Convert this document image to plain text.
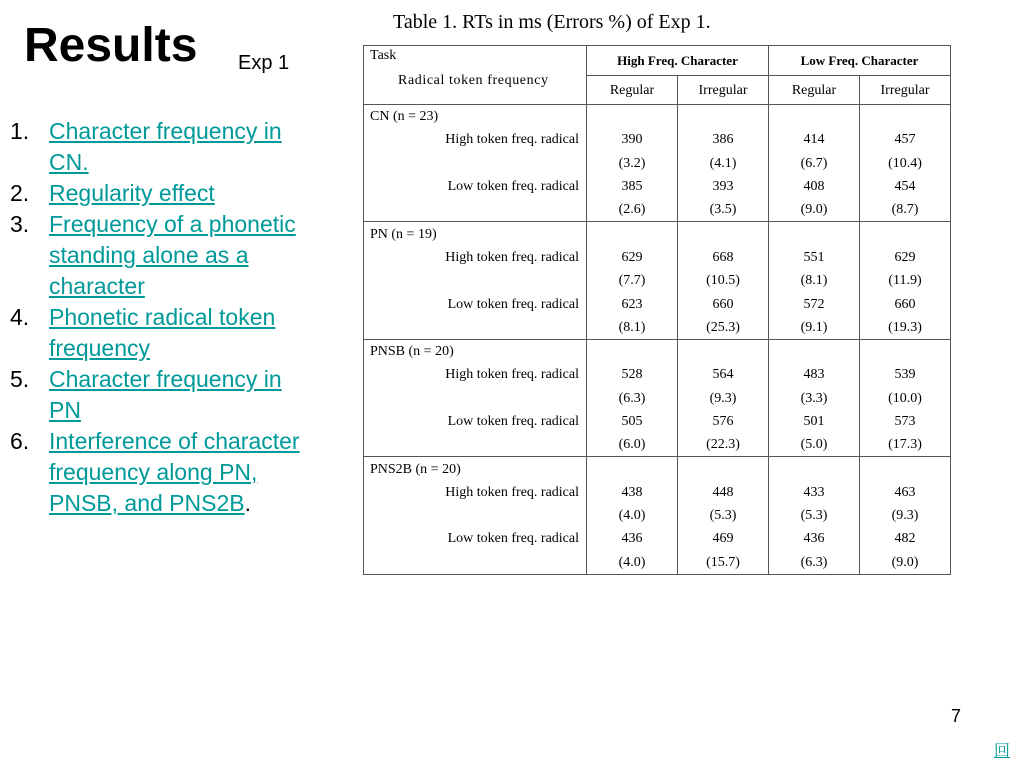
Results Exp 1
1. Character frequency in CN.
2. Regularity effect
3. Frequency of a phonetic standing alone as a character
4. Phonetic radical token frequency
5. Character frequency in PN
6. Interference of character frequency along PN, PNSB, and PNS2B.
Table 1. RTs in ms (Errors %) of Exp 1.
Task
Radical token frequency	High Freq. Character		Low Freq. Character	
	Regular	Irregular	Regular	Irregular
CN (n = 23)				
High token freq. radical	390	386	414	457
	(3.2)	(4.1)	(6.7)	(10.4)
Low token freq. radical	385	393	408	454
	(2.6)	(3.5)	(9.0)	(8.7)
PN (n = 19)				
High token freq. radical	629	668	551	629
	(7.7)	(10.5)	(8.1)	(11.9)
Low token freq. radical	623	660	572	660
	(8.1)	(25.3)	(9.1)	(19.3)
PNSB (n = 20)				
High token freq. radical	528	564	483	539
	(6.3)	(9.3)	(3.3)	(10.0)
Low token freq. radical	505	576	501	573
	(6.0)	(22.3)	(5.0)	(17.3)
PNS2B (n = 20)				
High token freq. radical	438	448	433	463
	(4.0)	(5.3)	(5.3)	(9.3)
Low token freq. radical	436	469	436	482
	(4.0)	(15.7)	(6.3)	(9.0)
7
回
